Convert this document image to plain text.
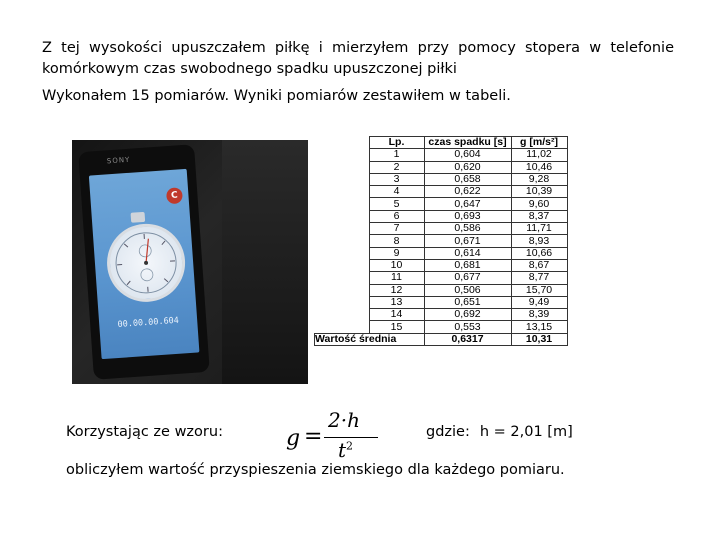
Z tej wysokości upuszczałem piłkę i mierzyłem przy pomocy stopera w telefonie

komórkowym czas swobodnego spadku upuszczonej piłki

Wykonałem 15 pomiarów. Wyniki pomiarów zestawiłem w tabeli.

SONY
C
00.00.00.604
	Lp.	czas spadku [s]	g [m/s²]
	1	0,604	11,02
	2	0,620	10,46
	3	0,658	9,28
	4	0,622	10,39
	5	0,647	9,60
	6	0,693	8,37
	7	0,586	11,71
	8	0,671	8,93
	9	0,614	10,66
	10	0,681	8,67
	11	0,677	8,77
	12	0,506	15,70
	13	0,651	9,49
	14	0,692	8,39
	15	0,553	13,15
Wartość średnia		0,6317	10,31
Korzystając ze wzoru:	g =
2·h
$t^2$
gdzie: h = 2,01 [m]
obliczyłem wartość przyspieszenia ziemskiego dla każdego pomiaru.
